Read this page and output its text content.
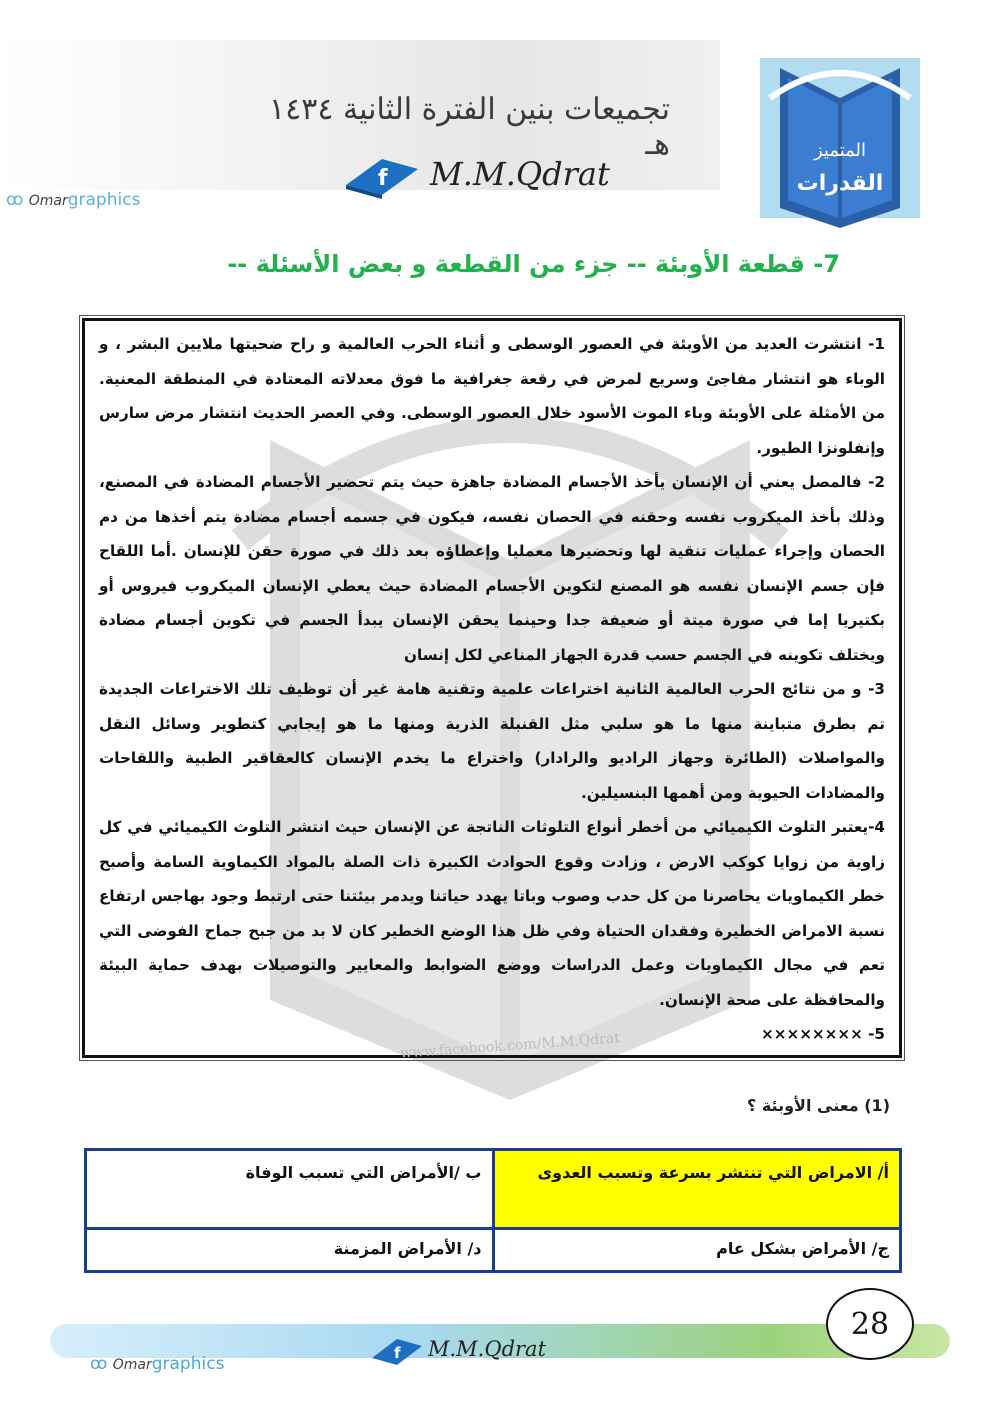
تجميعات بنين الفترة الثانية ١٤٣٤ هـ
f M.M.Qdrat
ꝏ Omargraphics
المتميز
القدرات
7- قطعة الأوبئة -- جزء من القطعة و بعض الأسئلة --

1- انتشرت العديد من الأوبئة في العصور الوسطى و أثناء الحرب العالمية و راح ضحيتها ملايين البشر ، و الوباء هو انتشار مفاجئ وسريع لمرض في رقعة جغرافية ما فوق معدلاته المعتادة في المنطقة المعنية. من الأمثلة على الأوبئة وباء الموت الأسود خلال العصور الوسطى. وفي العصر الحديث انتشار مرض سارس وإنفلونزا الطيور.

2- فالمصل يعني أن الإنسان يأخذ الأجسام المضادة جاهزة حيث يتم تحضير الأجسام المضادة في المصنع، وذلك بأخذ الميكروب نفسه وحقنه في الحصان نفسه، فيكون في جسمه أجسام مضادة يتم أخذها من دم الحصان وإجراء عمليات تنقية لها وتحضيرها معمليا وإعطاؤه بعد ذلك في صورة حقن للإنسان .أما اللقاح فإن جسم الإنسان نفسه هو المصنع لتكوين الأجسام المضادة حيث يعطي الإنسان الميكروب فيروس أو بكتيريا إما في صورة ميتة أو ضعيفة جدا وحينما يحقن الإنسان يبدأ الجسم في تكوين أجسام مضادة ويختلف تكوينه في الجسم حسب قدرة الجهاز المناعي لكل إنسان

3- و من نتائج الحرب العالمية الثانية اختراعات علمية وتقنية هامة غير أن توظيف تلك الاختراعات الجديدة تم بطرق متباينة منها ما هو سلبي مثل القنبلة الذرية ومنها ما هو إيجابي كتطوير وسائل النقل والمواصلات (الطائرة وجهاز الراديو والرادار) واختراع ما يخدم الإنسان كالعقاقير الطبية واللقاحات والمضادات الحيوية ومن أهمها البنسيلين.

4-يعتبر التلوث الكيميائي من أخطر أنواع التلوثات الناتجة عن الإنسان حيث انتشر التلوث الكيميائي في كل زاوية من زوايا كوكب الارض ، وزادت وقوع الحوادث الكبيرة ذات الصلة بالمواد الكيماوية السامة وأصبح خطر الكيماويات يحاصرنا من كل حدب وصوب وباتا يهدد حياتنا ويدمر بيئتنا حتى ارتبط وجود بهاجس ارتفاع نسبة الامراض الخطيرة وفقدان الحتياة وفي ظل هذا الوضع الخطير كان لا بد من جبح جماح الفوضى التي تعم في مجال الكيماويات وعمل الدراسات ووضع الضوابط والمعايير والتوصيلات بهدف حماية البيئة والمحافظة على صحة الإنسان.

5- ××××××××

www.facebook.com/M.M.Qdrat
(1) معنى الأوبئة ؟
أ/ الامراض التي تنتشر بسرعة وتسبب العدوى	ب /الأمراض التي تسبب الوفاة
ج/ الأمراض بشكل عام	د/ الأمراض المزمنة
28
f M.M.Qdrat
ꝏ Omargraphics
